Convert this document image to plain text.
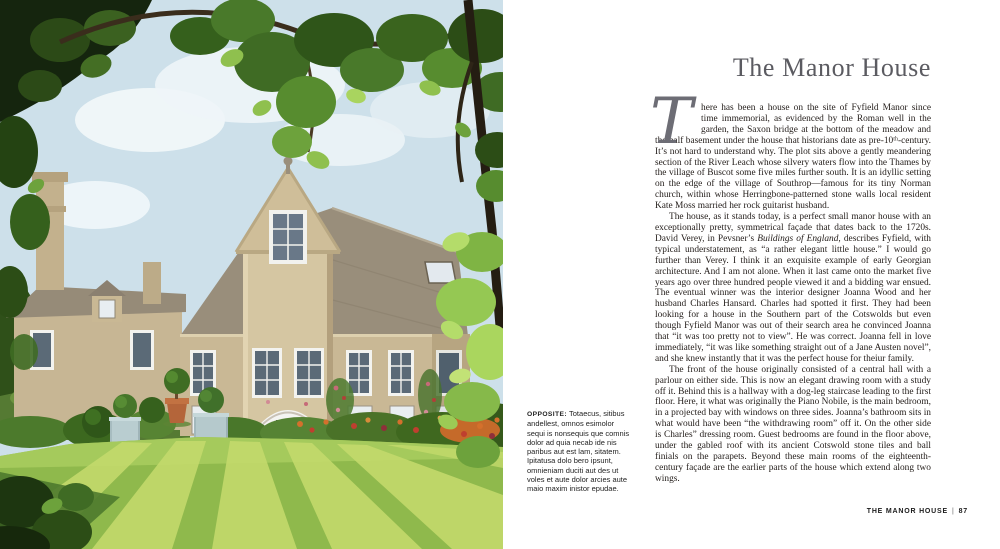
OPPOSITE: Totaecus, sitibus andellest, omnos esimolor sequi is nonsequis que comnis dolor ad quia necab ide nis paribus aut est lam, sitatem. Ipitatusa dolo bero ipsunt, omnieniam duciti aut des ut voles et aute dolor arcies aute maio maxim inistor epudae.
The Manor House

T here has been a house on the site of Fyfield Manor since time immemorial, as evidenced by the Roman well in the garden, the Saxon bridge at the bottom of the meadow and the half basement under the house that historians date as pre-10ᵗʰ-century. It’s not hard to understand why. The plot sits above a gently meandering section of the River Leach whose silvery waters flow into the Thames by the village of Buscot some five miles further south. It is an idyllic setting on the edge of the village of Southrop—famous for its tiny Norman church, within whose Herringbone-patterned stone walls local resident Kate Moss married her rock guitarist husband.

The house, as it stands today, is a perfect small manor house with an exceptionally pretty, symmetrical façade that dates back to the 1720s. David Verey, in Pevsner’s Buildings of England, describes Fyfield, with typical understatement, as “a rather elegant little house.” I would go further than Verey. I think it an exquisite example of early Georgian architecture. And I am not alone. When it last came onto the market five years ago over three hundred people viewed it and a bidding war ensued. The eventual winner was the interior designer Joanna Wood and her husband Charles Hansard. Charles had spotted it first. They had been looking for a house in the Southern part of the Cotswolds but even though Fyfield Manor was out of their search area he convinced Joanna that “it was too pretty not to view”. He was correct. Joanna fell in love immediately, “it was like something straight out of a Jane Austen novel”, and she knew instantly that it was the perfect house for theiur family.

The front of the house originally consisted of a central hall with a parlour on either side. This is now an elegant drawing room with a study off it. Behind this is a hallway with a dog-leg staircase leading to the first floor. Here, it what was originally the Piano Nobile, is the main bedroom, in a projected bay with windows on three sides. Joanna’s bathroom sits in what would have been “the withdrawing room” off it. On the other side is Charles” dressing room. Guest bedrooms are found in the floor above, under the gabled roof with its ancient Cotswold stone tiles and ball finials on the parapets. Beyond these main rooms of the eighteenth-century façade are the earlier parts of the house which extend along two wings.

THE MANOR HOUSE | 87
